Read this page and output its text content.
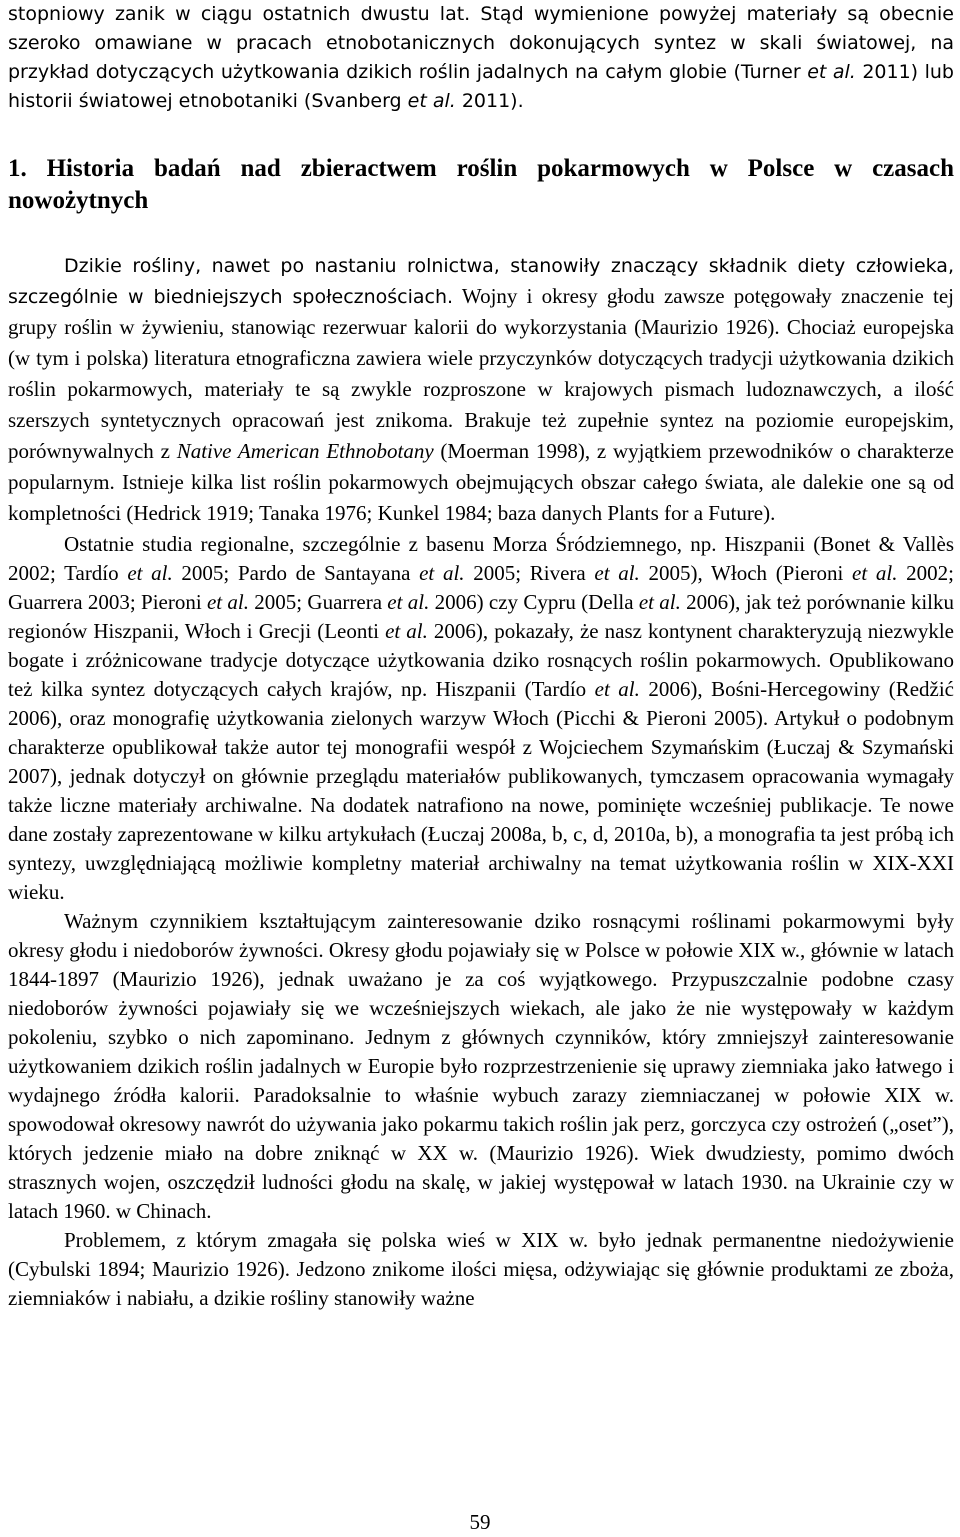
stopniowy zanik w ciągu ostatnich dwustu lat. Stąd wymienione powyżej materiały są obecnie szeroko omawiane w pracach etnobotanicznych dokonujących syntez w skali światowej, na przykład dotyczących użytkowania dzikich roślin jadalnych na całym globie (Turner et al. 2011) lub historii światowej etnobotaniki (Svanberg et al. 2011).

1. Historia badań nad zbieractwem roślin pokarmowych w Polsce w czasach nowożytnych

Dzikie rośliny, nawet po nastaniu rolnictwa, stanowiły znaczący składnik diety człowieka, szczególnie w biedniejszych społecznościach. Wojny i okresy głodu zawsze potęgowały znaczenie tej grupy roślin w żywieniu, stanowiąc rezerwuar kalorii do wykorzystania (Maurizio 1926). Chociaż europejska (w tym i polska) literatura etnograficzna zawiera wiele przyczynków dotyczących tradycji użytkowania dzikich roślin pokarmowych, materiały te są zwykle rozproszone w krajowych pismach ludoznawczych, a ilość szerszych syntetycznych opracowań jest znikoma. Brakuje też zupełnie syntez na poziomie europejskim, porównywalnych z Native American Ethnobotany (Moerman 1998), z wyjątkiem przewodników o charakterze popularnym. Istnieje kilka list roślin pokarmowych obejmujących obszar całego świata, ale dalekie one są od kompletności (Hedrick 1919; Tanaka 1976; Kunkel 1984; baza danych Plants for a Future).

Ostatnie studia regionalne, szczególnie z basenu Morza Śródziemnego, np. Hiszpanii (Bonet & Vallès 2002; Tardío et al. 2005; Pardo de Santayana et al. 2005; Rivera et al. 2005), Włoch (Pieroni et al. 2002; Guarrera 2003; Pieroni et al. 2005; Guarrera et al. 2006) czy Cypru (Della et al. 2006), jak też porównanie kilku regionów Hiszpanii, Włoch i Grecji (Leonti et al. 2006), pokazały, że nasz kontynent charakteryzują niezwykle bogate i zróżnicowane tradycje dotyczące użytkowania dziko rosnących roślin pokarmowych. Opublikowano też kilka syntez dotyczących całych krajów, np. Hiszpanii (Tardío et al. 2006), Bośni-Hercegowiny (Redžić 2006), oraz monografię użytkowania zielonych warzyw Włoch (Picchi & Pieroni 2005). Artykuł o podobnym charakterze opublikował także autor tej monografii wespół z Wojciechem Szymańskim (Łuczaj & Szymański 2007), jednak dotyczył on głównie przeglądu materiałów publikowanych, tymczasem opracowania wymagały także liczne materiały archiwalne. Na dodatek natrafiono na nowe, pominięte wcześniej publikacje. Te nowe dane zostały zaprezentowane w kilku artykułach (Łuczaj 2008a, b, c, d, 2010a, b), a monografia ta jest próbą ich syntezy, uwzględniającą możliwie kompletny materiał archiwalny na temat użytkowania roślin w XIX-XXI wieku.

Ważnym czynnikiem kształtującym zainteresowanie dziko rosnącymi roślinami pokarmowymi były okresy głodu i niedoborów żywności. Okresy głodu pojawiały się w Polsce w połowie XIX w., głównie w latach 1844-1897 (Maurizio 1926), jednak uważano je za coś wyjątkowego. Przypuszczalnie podobne czasy niedoborów żywności pojawiały się we wcześniejszych wiekach, ale jako że nie występowały w każdym pokoleniu, szybko o nich zapominano. Jednym z głównych czynników, który zmniejszył zainteresowanie użytkowaniem dzikich roślin jadalnych w Europie było rozprzestrzenienie się uprawy ziemniaka jako łatwego i wydajnego źródła kalorii. Paradoksalnie to właśnie wybuch zarazy ziemniaczanej w połowie XIX w. spowodował okresowy nawrót do używania jako pokarmu takich roślin jak perz, gorczyca czy ostrożeń („oset”), których jedzenie miało na dobre zniknąć w XX w. (Maurizio 1926). Wiek dwudziesty, pomimo dwóch strasznych wojen, oszczędził ludności głodu na skalę, w jakiej występował w latach 1930. na Ukrainie czy w latach 1960. w Chinach.

Problemem, z którym zmagała się polska wieś w XIX w. było jednak permanentne niedożywienie (Cybulski 1894; Maurizio 1926). Jedzono znikome ilości mięsa, odżywiając się głównie produktami ze zboża, ziemniaków i nabiału, a dzikie rośliny stanowiły ważne

59
